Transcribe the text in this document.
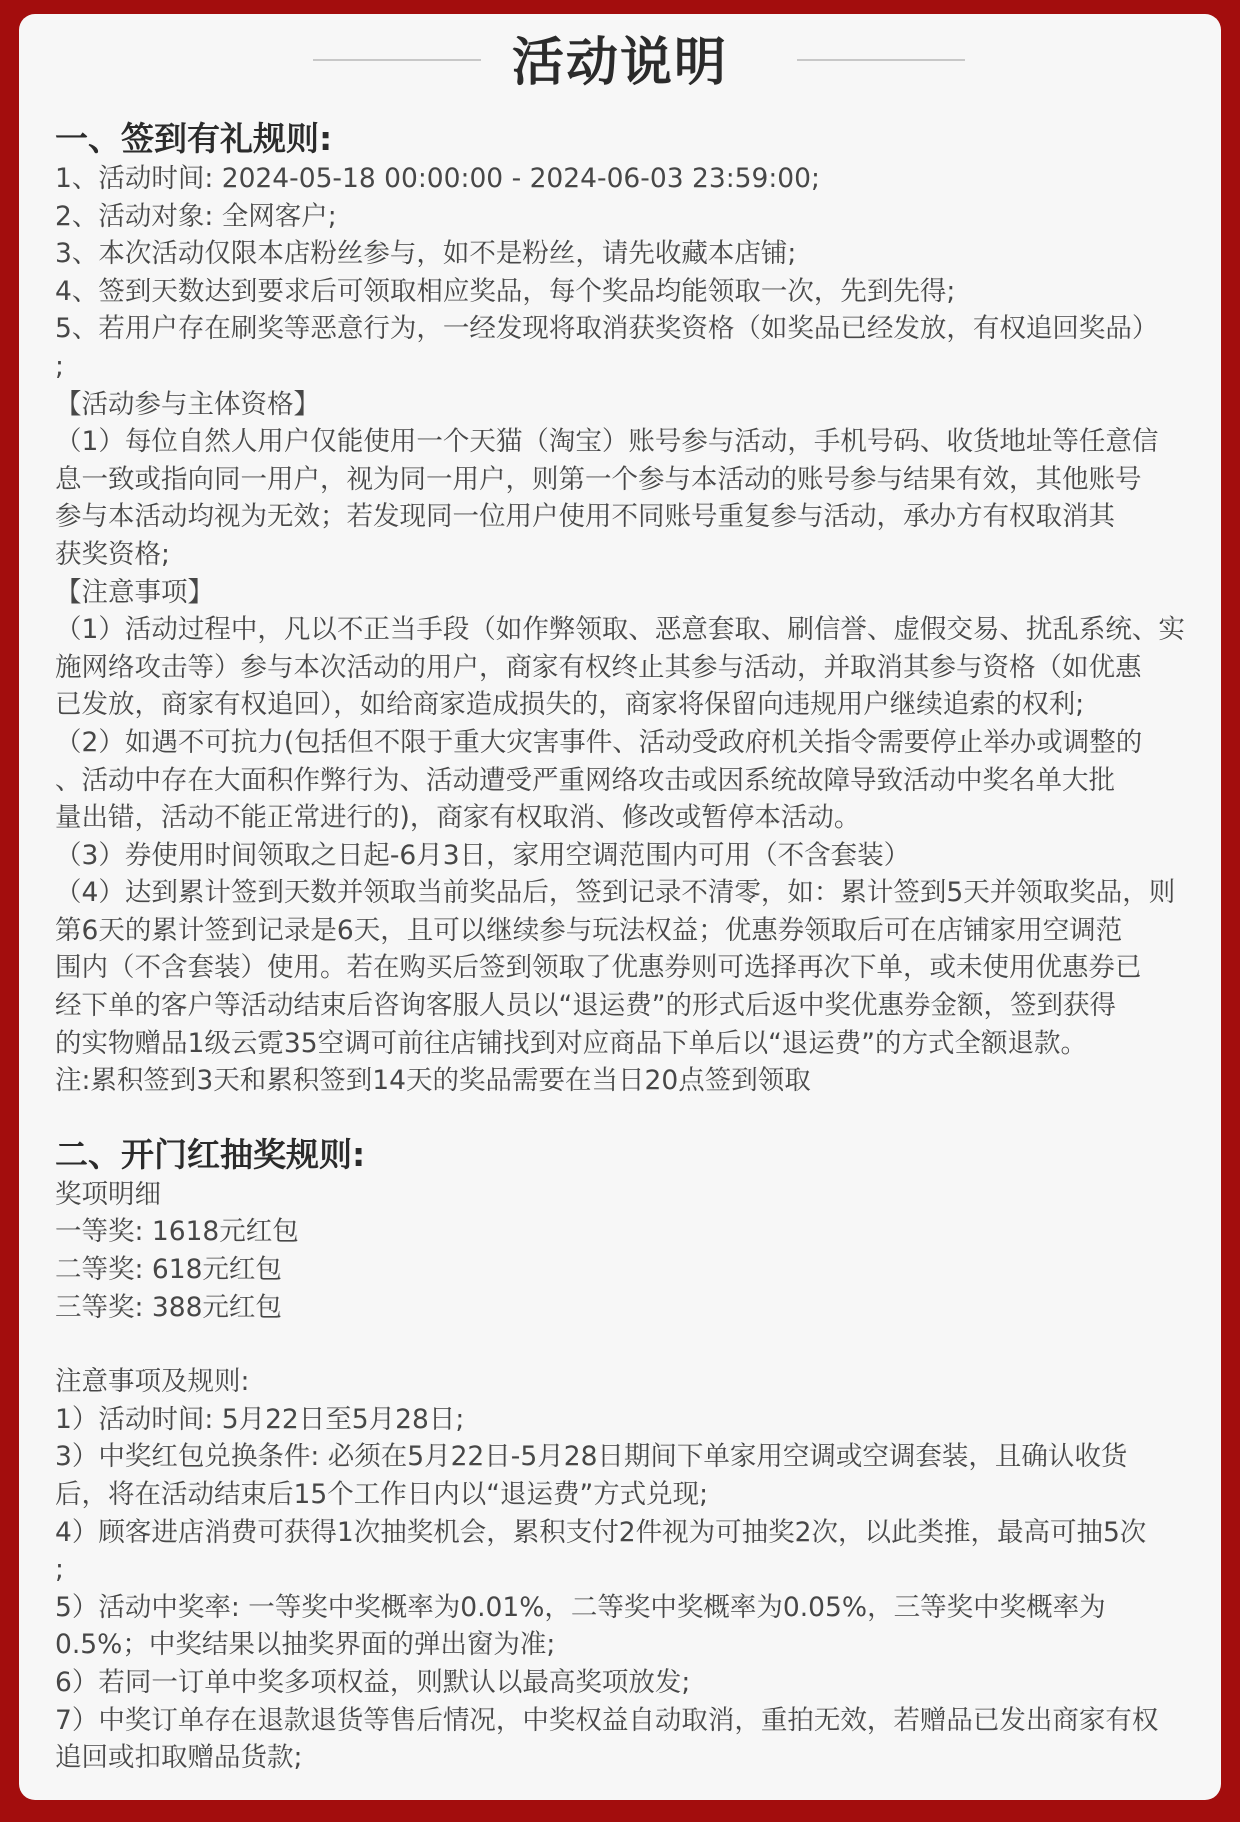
活动说明
一、签到有礼规则:
1、活动时间: 2024-05-18 00:00:00 - 2024-06-03 23:59:00;
2、活动对象: 全网客户;
3、本次活动仅限本店粉丝参与，如不是粉丝，请先收藏本店铺;
4、签到天数达到要求后可领取相应奖品，每个奖品均能领取一次，先到先得;
5、若用户存在刷奖等恶意行为，一经发现将取消获奖资格（如奖品已经发放，有权追回奖品）
;
【活动参与主体资格】
（1）每位自然人用户仅能使用一个天猫（淘宝）账号参与活动，手机号码、收货地址等任意信
息一致或指向同一用户，视为同一用户，则第一个参与本活动的账号参与结果有效，其他账号
参与本活动均视为无效；若发现同一位用户使用不同账号重复参与活动，承办方有权取消其
获奖资格;
【注意事项】
（1）活动过程中，凡以不正当手段（如作弊领取、恶意套取、刷信誉、虚假交易、扰乱系统、实
施网络攻击等）参与本次活动的用户，商家有权终止其参与活动，并取消其参与资格（如优惠
已发放，商家有权追回），如给商家造成损失的，商家将保留向违规用户继续追索的权利;
（2）如遇不可抗力(包括但不限于重大灾害事件、活动受政府机关指令需要停止举办或调整的
、活动中存在大面积作弊行为、活动遭受严重网络攻击或因系统故障导致活动中奖名单大批
量出错，活动不能正常进行的)，商家有权取消、修改或暂停本活动。
（3）券使用时间领取之日起-6月3日，家用空调范围内可用（不含套装）
（4）达到累计签到天数并领取当前奖品后，签到记录不清零，如：累计签到5天并领取奖品，则
第6天的累计签到记录是6天，且可以继续参与玩法权益；优惠券领取后可在店铺家用空调范
围内（不含套装）使用。若在购买后签到领取了优惠券则可选择再次下单，或未使用优惠券已
经下单的客户等活动结束后咨询客服人员以“退运费”的形式后返中奖优惠券金额，签到获得
的实物赠品1级云霓35空调可前往店铺找到对应商品下单后以“退运费”的方式全额退款。
注:累积签到3天和累积签到14天的奖品需要在当日20点签到领取
二、开门红抽奖规则:
奖项明细
一等奖: 1618元红包
二等奖: 618元红包
三等奖: 388元红包
注意事项及规则:
1）活动时间: 5月22日至5月28日;
3）中奖红包兑换条件: 必须在5月22日-5月28日期间下单家用空调或空调套装，且确认收货
后，将在活动结束后15个工作日内以“退运费”方式兑现;
4）顾客进店消费可获得1次抽奖机会，累积支付2件视为可抽奖2次，以此类推，最高可抽5次
;
5）活动中奖率: 一等奖中奖概率为0.01%，二等奖中奖概率为0.05%，三等奖中奖概率为
0.5%；中奖结果以抽奖界面的弹出窗为准;
6）若同一订单中奖多项权益，则默认以最高奖项放发;
7）中奖订单存在退款退货等售后情况，中奖权益自动取消，重拍无效，若赠品已发出商家有权
追回或扣取赠品货款;
